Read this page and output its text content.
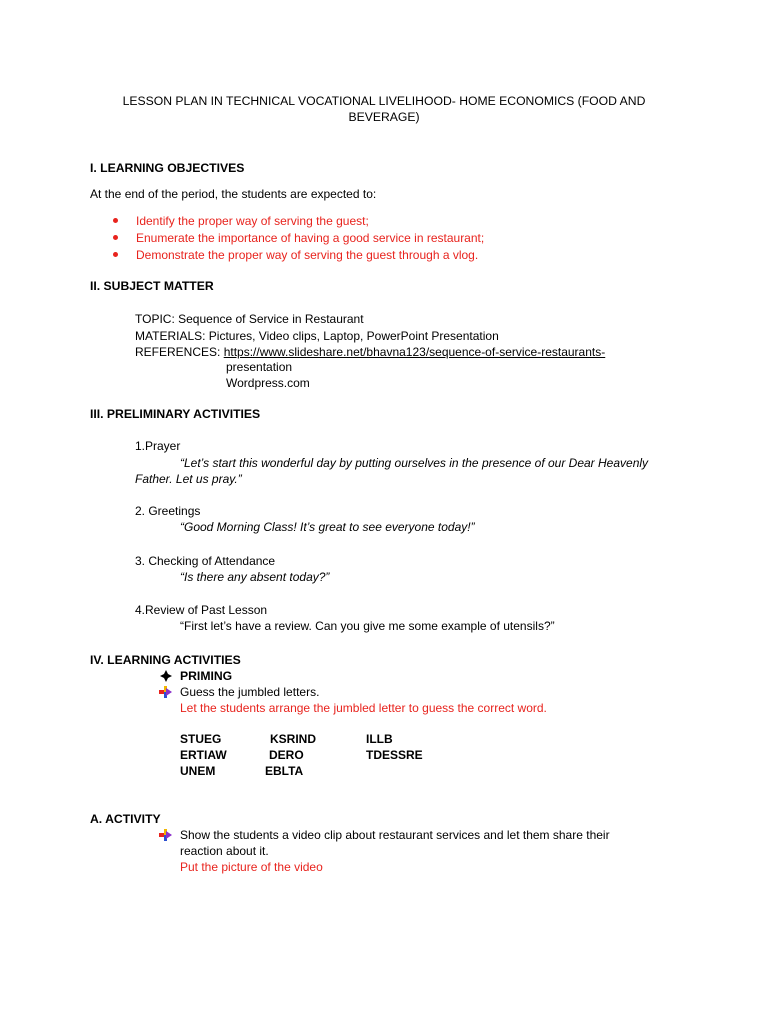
LESSON PLAN IN TECHNICAL VOCATIONAL LIVELIHOOD- HOME ECONOMICS (FOOD AND
BEVERAGE)
I. LEARNING OBJECTIVES
At the end of the period, the students are expected to:
Identify the proper way of serving the guest;
Enumerate the importance of having a good service in restaurant;
Demonstrate the proper way of serving the guest through a vlog.
II. SUBJECT MATTER
TOPIC: Sequence of Service in Restaurant
MATERIALS: Pictures, Video clips, Laptop, PowerPoint Presentation
REFERENCES: https://www.slideshare.net/bhavna123/sequence-of-service-restaurants-
presentation
Wordpress.com
III. PRELIMINARY ACTIVITIES
1.Prayer
“Let’s start this wonderful day by putting ourselves in the presence of our Dear Heavenly
Father. Let us pray.”
2. Greetings
“Good Morning Class! It’s great to see everyone today!”
3. Checking of Attendance
“Is there any absent today?”
4.Review of Past Lesson
“First let’s have a review. Can you give me some example of utensils?”
IV. LEARNING ACTIVITIES
PRIMING
Guess the jumbled letters.
Let the students arrange the jumbled letter to guess the correct word.
STUEG	KSRIND	ILLB
ERTIAW	DERO	TDESSRE
UNEM	EBLTA
A. ACTIVITY
Show the students a video clip about restaurant services and let them share their
reaction about it.
Put the picture of the video
